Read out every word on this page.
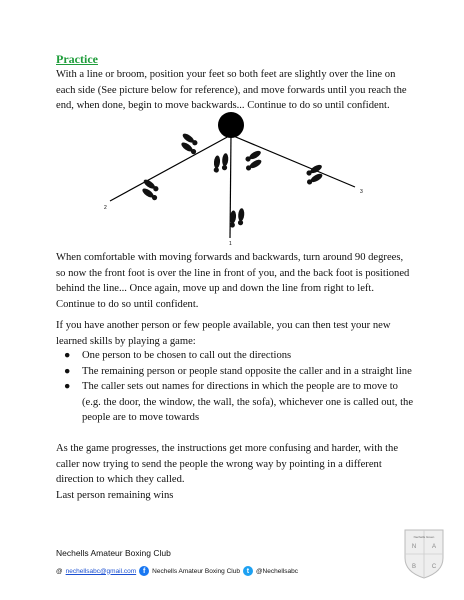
Practice
With a line or broom, position your feet so both feet are slightly over the line on each side (See picture below for reference), and move forwards until you reach the end, when done, begin to move backwards... Continue to do so until confident.
2
1
3
When comfortable with moving forwards and backwards, turn around 90 degrees, so now the front foot is over the line in front of you, and the back foot is positioned behind the line... Once again, move up and down the line from right to left. Continue to do so until confident.
If you have another person or few people available, you can then test your new learned skills by playing a game:
● One person to be chosen to call out the directions
● The remaining person or people stand opposite the caller and in a straight line
● The caller sets out names for directions in which the people are to move to (e.g. the door, the window, the wall, the sofa), whichever one is called out, the people are to move towards
As the game progresses, the instructions get more confusing and harder, with the caller now trying to send the people the wrong way by pointing in a different direction to which they called.
Last person remaining wins
Nechells Amateur Boxing Club
@ nechellsabc@gmail.com f	Nechells Amateur Boxing Club t	@Nechellsabc
Nechells Green
N	A
B	C
